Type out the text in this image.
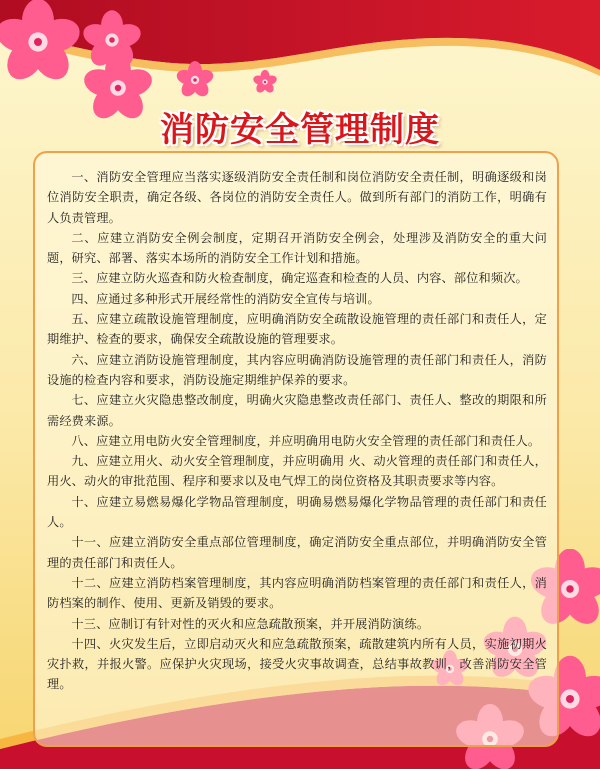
消防安全管理制度

一、消防安全管理应当落实逐级消防安全责任制和岗位消防安全责任制，明确逐级和岗位消防安全职责，确定各级、各岗位的消防安全责任人。做到所有部门的消防工作，明确有人负责管理。

二、应建立消防安全例会制度，定期召开消防安全例会，处理涉及消防安全的重大问题，研究、部署、落实本场所的消防安全工作计划和措施。

三、应建立防火巡查和防火检查制度，确定巡查和检查的人员、内容、部位和频次。

四、应通过多种形式开展经常性的消防安全宣传与培训。

五、应建立疏散设施管理制度，应明确消防安全疏散设施管理的责任部门和责任人，定期维护、检查的要求，确保安全疏散设施的管理要求。

六、应建立消防设施管理制度，其内容应明确消防设施管理的责任部门和责任人，消防设施的检查内容和要求，消防设施定期维护保养的要求。

七、应建立火灾隐患整改制度，明确火灾隐患整改责任部门、责任人、整改的期限和所需经费来源。

八、应建立用电防火安全管理制度，并应明确用电防火安全管理的责任部门和责任人。

九、应建立用火、动火安全管理制度，并应明确用 火、动火管理的责任部门和责任人，用火、动火的审批范围、程序和要求以及电气焊工的岗位资格及其职责要求等内容。

十、应建立易燃易爆化学物品管理制度，明确易燃易爆化学物品管理的责任部门和责任人。

十一、应建立消防安全重点部位管理制度，确定消防安全重点部位，并明确消防安全管理的责任部门和责任人。

十二、应建立消防档案管理制度，其内容应明确消防档案管理的责任部门和责任人，消防档案的制作、使用、更新及销毁的要求。

十三、应制订有针对性的灭火和应急疏散预案，并开展消防演练。

十四、火灾发生后，立即启动灭火和应急疏散预案，疏散建筑内所有人员，实施初期火灾扑救，并报火警。应保护火灾现场，接受火灾事故调查，总结事故教训，改善消防安全管理。
